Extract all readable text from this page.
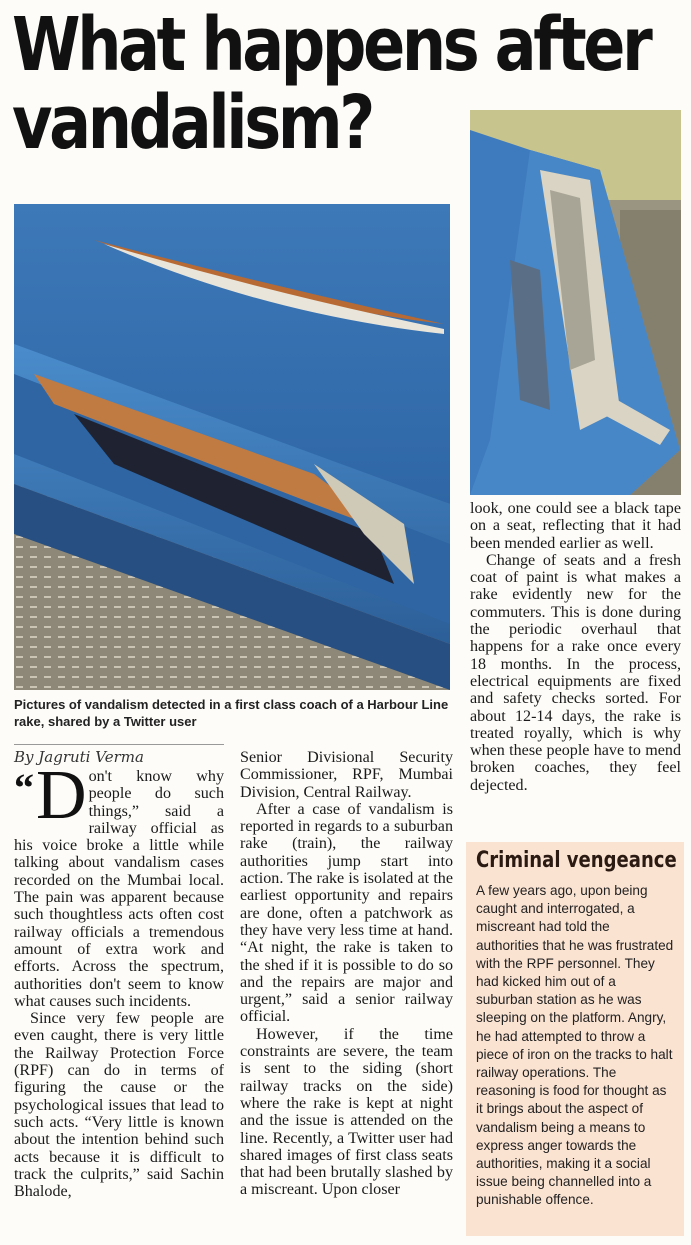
What happens after
vandalism?
Pictures of vandalism detected in a first class coach of a Harbour Line rake, shared by a Twitter user
By Jagruti Verma

“ D on't know why people do such things,” said a railway official as his voice broke a little while talking about vandalism cases recorded on the Mumbai local. The pain was apparent because such thoughtless acts often cost railway officials a tremendous amount of extra work and efforts. Across the spectrum, authorities don't seem to know what causes such incidents.

Since very few people are even caught, there is very little the Railway Protection Force (RPF) can do in terms of figuring the cause or the psychological issues that lead to such acts. “Very little is known about the intention behind such acts because it is difficult to track the culprits,” said Sachin Bhalode,

Senior Divisional Security Commissioner, RPF, Mumbai Division, Central Railway.

After a case of vandalism is reported in regards to a suburban rake (train), the railway authorities jump start into action. The rake is isolated at the earliest opportunity and repairs are done, often a patchwork as they have very less time at hand. “At night, the rake is taken to the shed if it is possible to do so and the repairs are major and urgent,” said a senior railway official.

However, if the time constraints are severe, the team is sent to the siding (short railway tracks on the side) where the rake is kept at night and the issue is attended on the line. Recently, a Twitter user had shared images of first class seats that had been brutally slashed by a miscreant. Upon closer

look, one could see a black tape on a seat, reflecting that it had been mended earlier as well.

Change of seats and a fresh coat of paint is what makes a rake evidently new for the commuters. This is done during the periodic overhaul that happens for a rake once every 18 months. In the process, electrical equipments are fixed and safety checks sorted. For about 12-14 days, the rake is treated royally, which is why when these people have to mend broken coaches, they feel dejected.

Criminal vengeance
A few years ago, upon being caught and interrogated, a miscreant had told the authorities that he was frustrated with the RPF personnel. They had kicked him out of a suburban station as he was sleeping on the platform. Angry, he had attempted to throw a piece of iron on the tracks to halt railway operations. The reasoning is food for thought as it brings about the aspect of vandalism being a means to express anger towards the authorities, making it a social issue being channelled into a punishable offence.
